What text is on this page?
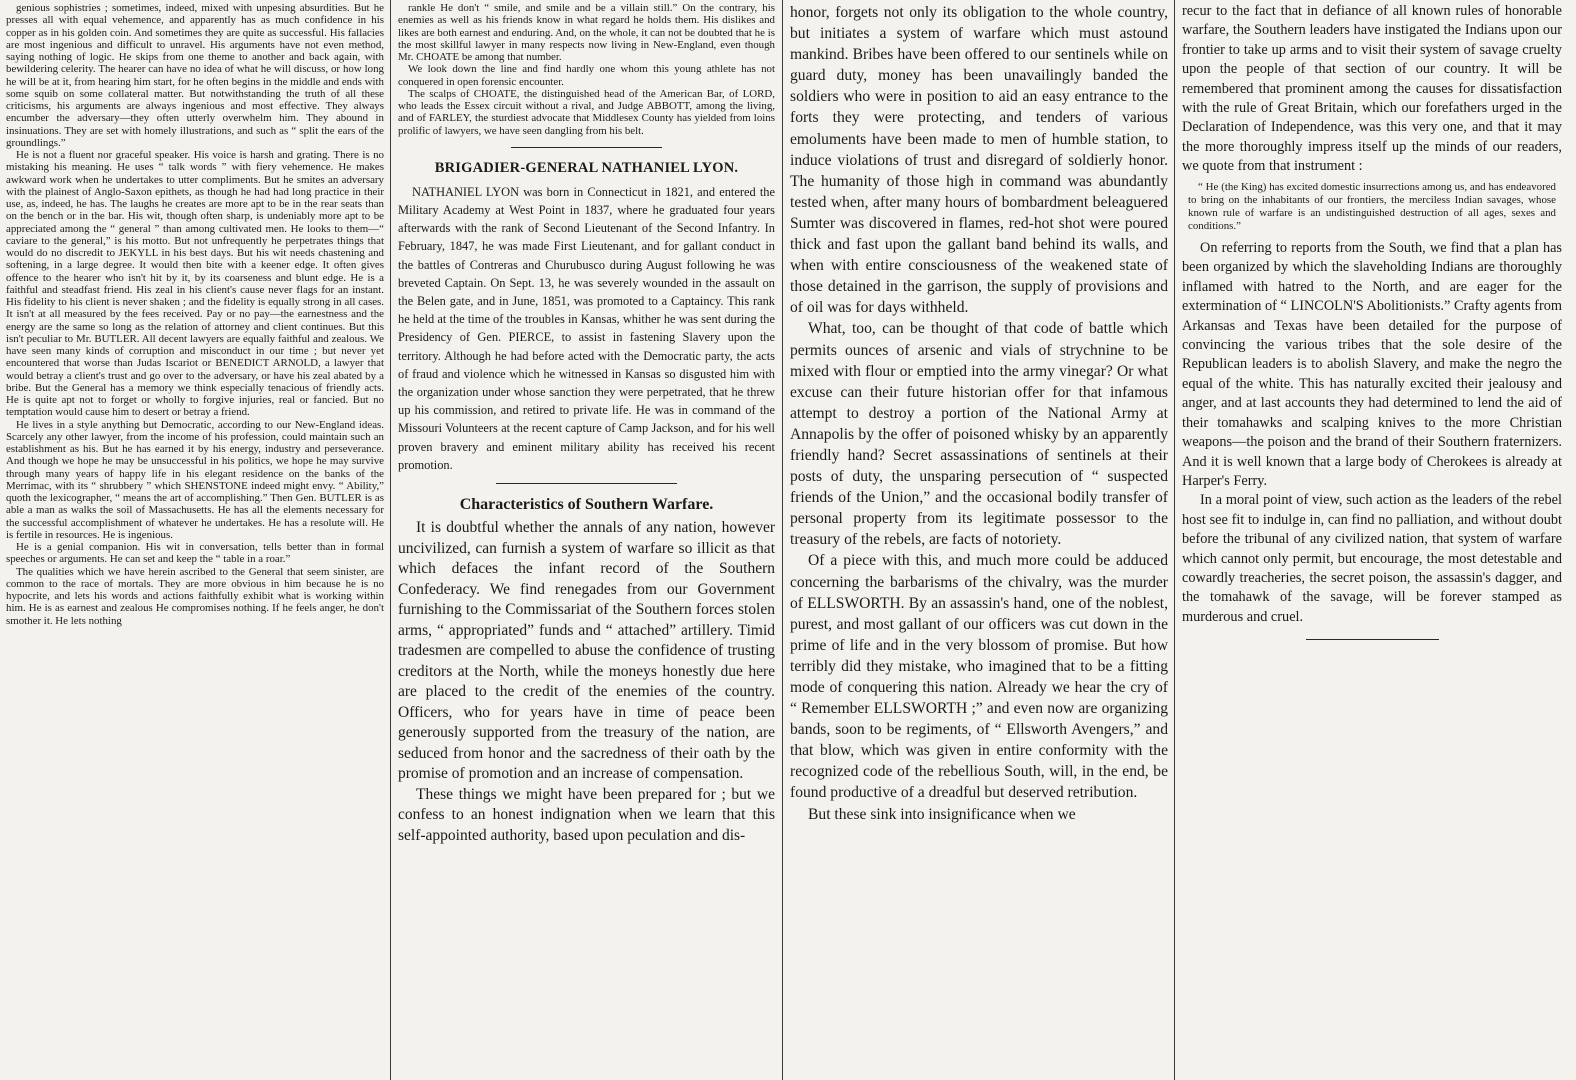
genious sophistries ; sometimes, indeed, mixed with unpesing absurdities. But he presses all with equal vehemence, and apparently has as much confidence in his copper as in his golden coin. And sometimes they are quite as successful. His fallacies are most ingenious and difficult to unravel. His arguments have not even method, saying nothing of logic. He skips from one theme to another and back again, with bewildering celerity. The hearer can have no idea of what he will discuss, or how long he will be at it, from hearing him start, for he often begins in the middle and ends with some squib on some collateral matter. But notwithstanding the truth of all these criticisms, his arguments are always ingenious and most effective. They always encumber the adversary—they often utterly overwhelm him. They abound in insinuations. They are set with homely illustrations, and such as “ split the ears of the groundlings.”

He is not a fluent nor graceful speaker. His voice is harsh and grating. There is no mistaking his meaning. He uses “ talk words ” with fiery vehemence. He makes awkward work when he undertakes to utter compliments. But he smites an adversary with the plainest of Anglo-Saxon epithets, as though he had had long practice in their use, as, indeed, he has. The laughs he creates are more apt to be in the rear seats than on the bench or in the bar. His wit, though often sharp, is undeniably more apt to be appreciated among the “ general ” than among cultivated men. He looks to them—“ caviare to the general,” is his motto. But not unfrequently he perpetrates things that would do no discredit to JEKYLL in his best days. But his wit needs chastening and softening, in a large degree. It would then bite with a keener edge. It often gives offence to the hearer who isn't hit by it, by its coarseness and blunt edge. He is a faithful and steadfast friend. His zeal in his client's cause never flags for an instant. His fidelity to his client is never shaken ; and the fidelity is equally strong in all cases. It isn't at all measured by the fees received. Pay or no pay—the earnestness and the energy are the same so long as the relation of attorney and client continues. But this isn't peculiar to Mr. BUTLER. All decent lawyers are equally faithful and zealous. We have seen many kinds of corruption and misconduct in our time ; but never yet encountered that worse than Judas Iscariot or BENEDICT ARNOLD, a lawyer that would betray a client's trust and go over to the adversary, or have his zeal abated by a bribe. But the General has a memory we think especially tenacious of friendly acts. He is quite apt not to forget or wholly to forgive injuries, real or fancied. But no temptation would cause him to desert or betray a friend.

He lives in a style anything but Democratic, according to our New-England ideas. Scarcely any other lawyer, from the income of his profession, could maintain such an establishment as his. But he has earned it by his energy, industry and perseverance. And though we hope he may be unsuccessful in his politics, we hope he may survive through many years of happy life in his elegant residence on the banks of the Merrimac, with its “ shrubbery ” which SHENSTONE indeed might envy. “ Ability,” quoth the lexicographer, “ means the art of accomplishing.” Then Gen. BUTLER is as able a man as walks the soil of Massachusetts. He has all the elements necessary for the successful accomplishment of whatever he undertakes. He has a resolute will. He is fertile in resources. He is ingenious.

He is a genial companion. His wit in conversation, tells better than in formal speeches or arguments. He can set and keep the “ table in a roar.”

The qualities which we have herein ascribed to the General that seem sinister, are common to the race of mortals. They are more obvious in him because he is no hypocrite, and lets his words and actions faithfully exhibit what is working within him. He is as earnest and zealous He compromises nothing. If he feels anger, he don't smother it. He lets nothing

rankle He don't “ smile, and smile and be a villain still.” On the contrary, his enemies as well as his friends know in what regard he holds them. His dislikes and likes are both earnest and enduring. And, on the whole, it can not be doubted that he is the most skillful lawyer in many respects now living in New-England, even though Mr. CHOATE be among that number.

We look down the line and find hardly one whom this young athlete has not conquered in open forensic encounter.

The scalps of CHOATE, the distinguished head of the American Bar, of LORD, who leads the Essex circuit without a rival, and Judge ABBOTT, among the living, and of FARLEY, the sturdiest advocate that Middlesex County has yielded from loins prolific of lawyers, we have seen dangling from his belt.

BRIGADIER-GENERAL NATHANIEL LYON.

NATHANIEL LYON was born in Connecticut in 1821, and entered the Military Academy at West Point in 1837, where he graduated four years afterwards with the rank of Second Lieutenant of the Second Infantry. In February, 1847, he was made First Lieutenant, and for gallant conduct in the battles of Contreras and Churubusco during August following he was breveted Captain. On Sept. 13, he was severely wounded in the assault on the Belen gate, and in June, 1851, was promoted to a Captaincy. This rank he held at the time of the troubles in Kansas, whither he was sent during the Presidency of Gen. PIERCE, to assist in fastening Slavery upon the territory. Although he had before acted with the Democratic party, the acts of fraud and violence which he witnessed in Kansas so disgusted him with the organization under whose sanction they were perpetrated, that he threw up his commission, and retired to private life. He was in command of the Missouri Volunteers at the recent capture of Camp Jackson, and for his well proven bravery and eminent military ability has received his recent promotion.

Characteristics of Southern Warfare.

It is doubtful whether the annals of any nation, however uncivilized, can furnish a system of warfare so illicit as that which defaces the infant record of the Southern Confederacy. We find renegades from our Government furnishing to the Commissariat of the Southern forces stolen arms, “ appropriated” funds and “ attached” artillery. Timid tradesmen are compelled to abuse the confidence of trusting creditors at the North, while the moneys honestly due here are placed to the credit of the enemies of the country. Officers, who for years have in time of peace been generously supported from the treasury of the nation, are seduced from honor and the sacredness of their oath by the promise of promotion and an increase of compensation.

These things we might have been prepared for ; but we confess to an honest indignation when we learn that this self-appointed authority, based upon peculation and dis-

honor, forgets not only its obligation to the whole country, but initiates a system of warfare which must astound mankind. Bribes have been offered to our sentinels while on guard duty, money has been unavailingly banded the soldiers who were in position to aid an easy entrance to the forts they were protecting, and tenders of various emoluments have been made to men of humble station, to induce violations of trust and disregard of soldierly honor. The humanity of those high in command was abundantly tested when, after many hours of bombardment beleaguered Sumter was discovered in flames, red-hot shot were poured thick and fast upon the gallant band behind its walls, and when with entire consciousness of the weakened state of those detained in the garrison, the supply of provisions and of oil was for days withheld.

What, too, can be thought of that code of battle which permits ounces of arsenic and vials of strychnine to be mixed with flour or emptied into the army vinegar? Or what excuse can their future historian offer for that infamous attempt to destroy a portion of the National Army at Annapolis by the offer of poisoned whisky by an apparently friendly hand? Secret assassinations of sentinels at their posts of duty, the unsparing persecution of “ suspected friends of the Union,” and the occasional bodily transfer of personal property from its legitimate possessor to the treasury of the rebels, are facts of notoriety.

Of a piece with this, and much more could be adduced concerning the barbarisms of the chivalry, was the murder of ELLSWORTH. By an assassin's hand, one of the noblest, purest, and most gallant of our officers was cut down in the prime of life and in the very blossom of promise. But how terribly did they mistake, who imagined that to be a fitting mode of conquering this nation. Already we hear the cry of “ Remember ELLSWORTH ;” and even now are organizing bands, soon to be regiments, of “ Ellsworth Avengers,” and that blow, which was given in entire conformity with the recognized code of the rebellious South, will, in the end, be found productive of a dreadful but deserved retribution.

But these sink into insignificance when we

recur to the fact that in defiance of all known rules of honorable warfare, the Southern leaders have instigated the Indians upon our frontier to take up arms and to visit their system of savage cruelty upon the people of that section of our country. It will be remembered that prominent among the causes for dissatisfaction with the rule of Great Britain, which our forefathers urged in the Declaration of Independence, was this very one, and that it may the more thoroughly impress itself up the minds of our readers, we quote from that instrument :

“ He (the King) has excited domestic insurrections among us, and has endeavored to bring on the inhabitants of our frontiers, the merciless Indian savages, whose known rule of warfare is an undistinguished destruction of all ages, sexes and conditions.”

On referring to reports from the South, we find that a plan has been organized by which the slaveholding Indians are thoroughly inflamed with hatred to the North, and are eager for the extermination of “ LINCOLN'S Abolitionists.” Crafty agents from Arkansas and Texas have been detailed for the purpose of convincing the various tribes that the sole desire of the Republican leaders is to abolish Slavery, and make the negro the equal of the white. This has naturally excited their jealousy and anger, and at last accounts they had determined to lend the aid of their tomahawks and scalping knives to the more Christian weapons—the poison and the brand of their Southern fraternizers. And it is well known that a large body of Cherokees is already at Harper's Ferry.

In a moral point of view, such action as the leaders of the rebel host see fit to indulge in, can find no palliation, and without doubt before the tribunal of any civilized nation, that system of warfare which cannot only permit, but encourage, the most detestable and cowardly treacheries, the secret poison, the assassin's dagger, and the tomahawk of the savage, will be forever stamped as murderous and cruel.
